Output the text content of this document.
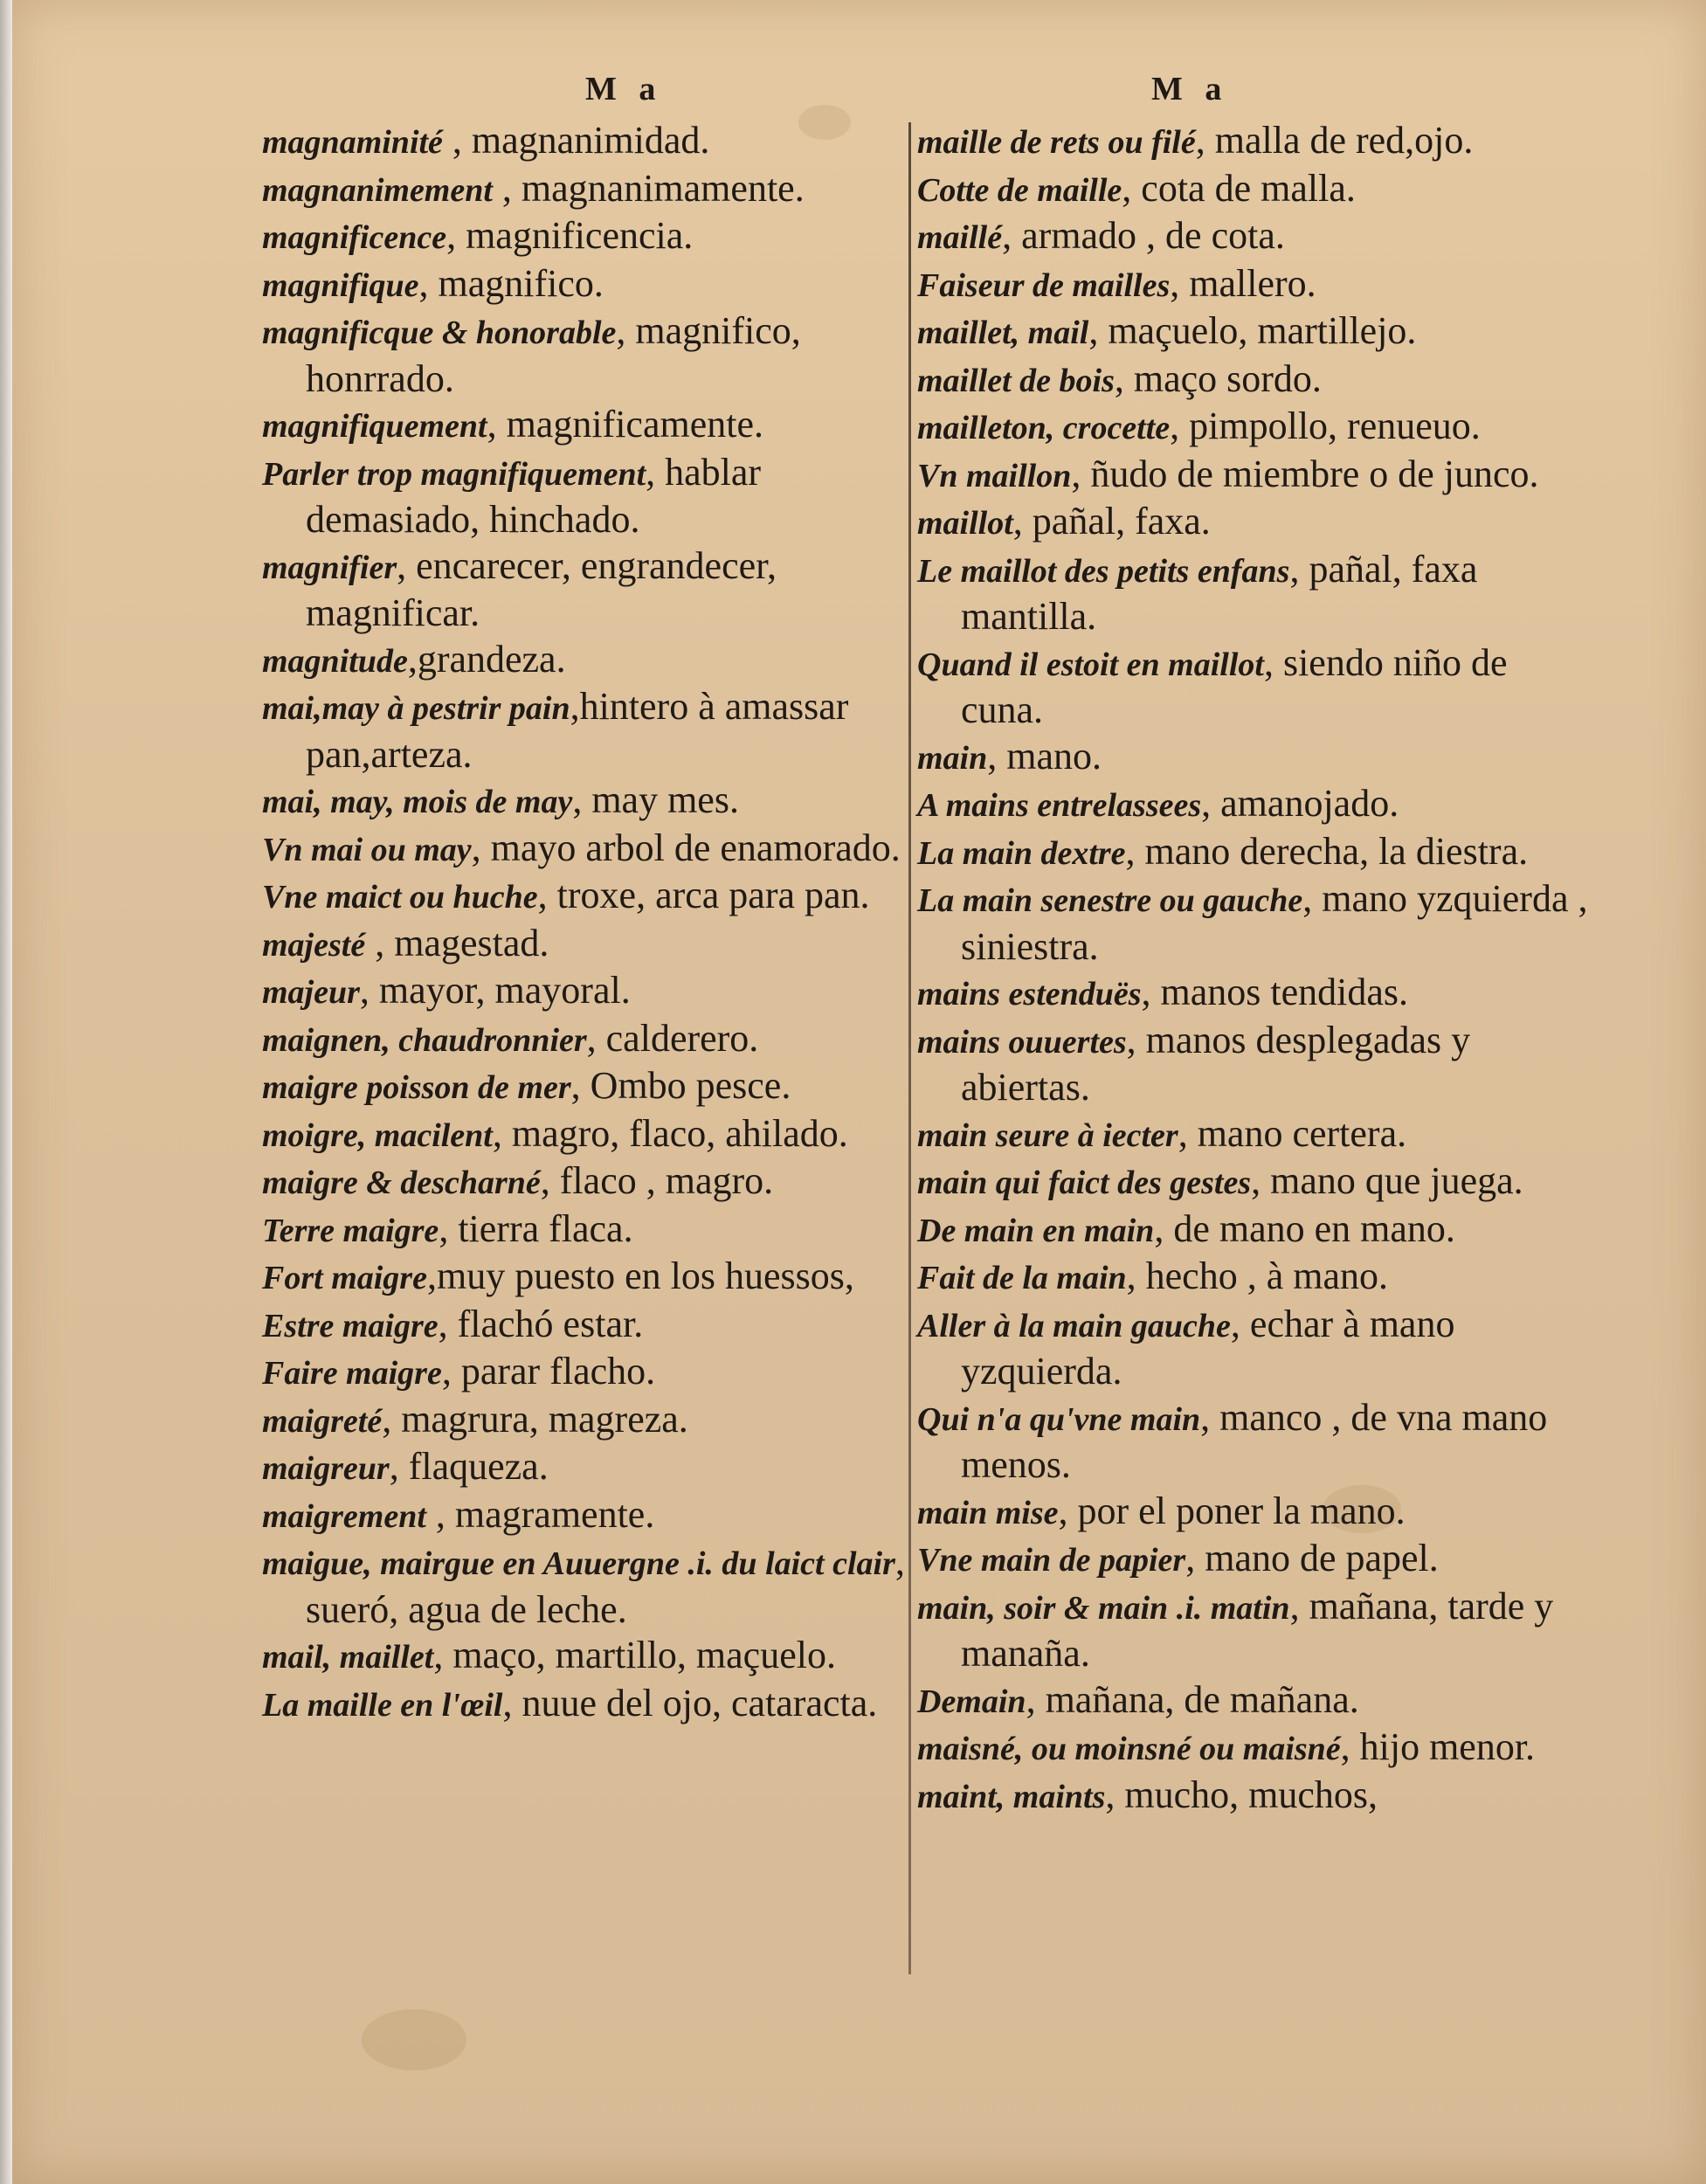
M a	M a
magnaminité , magnanimidad.
magnanimement , magnanimamente.
magnificence, magnificencia.
magnifique, magnifico.
magnificque & honorable, magnifico, honrrado.
magnifiquement, magnificamente.
Parler trop magnifiquement, hablar demasiado, hinchado.
magnifier, encarecer, engrandecer, magnificar.
magnitude,grandeza.
mai,may à pestrir pain,hintero à amassar pan,arteza.
mai, may, mois de may, may mes.
Vn mai ou may, mayo arbol de enamorado.
Vne maict ou huche, troxe, arca para pan.
majesté , magestad.
majeur, mayor, mayoral.
maignen, chaudronnier, calderero.
maigre poisson de mer, Ombo pesce.
moigre, macilent, magro, flaco, ahilado.
maigre & descharné, flaco , magro.
Terre maigre, tierra flaca.
Fort maigre,muy puesto en los huessos,
Estre maigre, flachó estar.
Faire maigre, parar flacho.
maigreté, magrura, magreza.
maigreur, flaqueza.
maigrement , magramente.
maigue, mairgue en Auuergne .i. du laict clair, sueró, agua de leche.
mail, maillet, maço, martillo, maçuelo.
La maille en l'œil, nuue del ojo, cataracta.
maille de rets ou filé, malla de red,ojo.
Cotte de maille, cota de malla.
maillé, armado , de cota.
Faiseur de mailles, mallero.
maillet, mail, maçuelo, martillejo.
maillet de bois, maço sordo.
mailleton, crocette, pimpollo, renueuo.
Vn maillon, ñudo de miembre o de junco.
maillot, pañal, faxa.
Le maillot des petits enfans, pañal, faxa mantilla.
Quand il estoit en maillot, siendo niño de cuna.
main, mano.
A mains entrelassees, amanojado.
La main dextre, mano derecha, la diestra.
La main senestre ou gauche, mano yzquierda , siniestra.
mains estenduës, manos tendidas.
mains ouuertes, manos desplegadas y abiertas.
main seure à iecter, mano certera.
main qui faict des gestes, mano que juega.
De main en main, de mano en mano.
Fait de la main, hecho , à mano.
Aller à la main gauche, echar à mano yzquierda.
Qui n'a qu'vne main, manco , de vna mano menos.
main mise, por el poner la mano.
Vne main de papier, mano de papel.
main, soir & main .i. matin, mañana, tarde y manaña.
Demain, mañana, de mañana.
maisné, ou moinsné ou maisné, hijo menor.
maint, maints, mucho, muchos,
